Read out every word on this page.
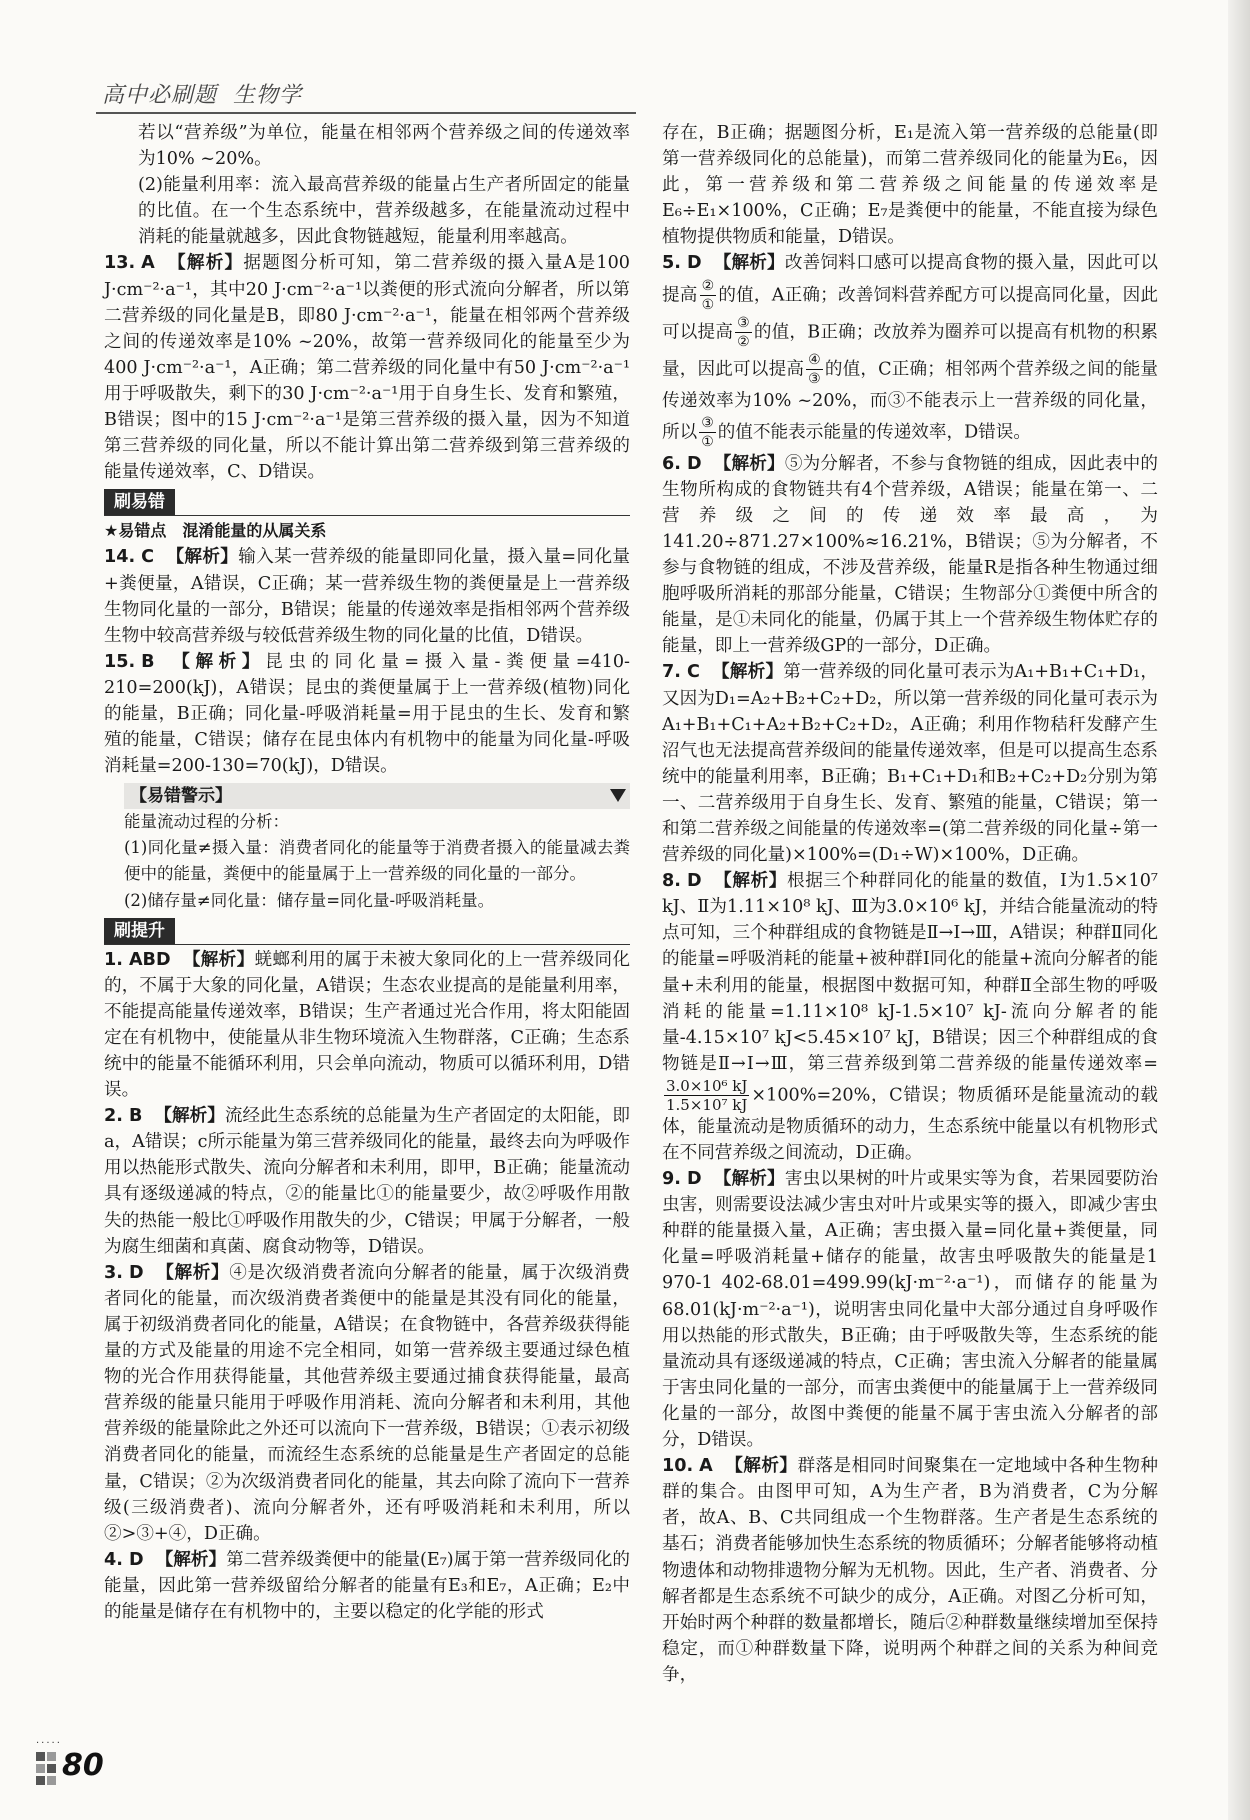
高中必刷题 生物学

若以“营养级”为单位，能量在相邻两个营养级之间的传递效率为10% ~20%。

(2)能量利用率：流入最高营养级的能量占生产者所固定的能量的比值。在一个生态系统中，营养级越多，在能量流动过程中消耗的能量就越多，因此食物链越短，能量利用率越高。

13. A 【解析】据题图分析可知，第二营养级的摄入量A是100 J·cm⁻²·a⁻¹，其中20 J·cm⁻²·a⁻¹以粪便的形式流向分解者，所以第二营养级的同化量是B，即80 J·cm⁻²·a⁻¹，能量在相邻两个营养级之间的传递效率是10% ~20%，故第一营养级同化的能量至少为400 J·cm⁻²·a⁻¹，A正确；第二营养级的同化量中有50 J·cm⁻²·a⁻¹用于呼吸散失，剩下的30 J·cm⁻²·a⁻¹用于自身生长、发育和繁殖，B错误；图中的15 J·cm⁻²·a⁻¹是第三营养级的摄入量，因为不知道第三营养级的同化量，所以不能计算出第二营养级到第三营养级的能量传递效率，C、D错误。

刷易错

★易错点　混淆能量的从属关系

14. C 【解析】输入某一营养级的能量即同化量，摄入量=同化量+粪便量，A错误，C正确；某一营养级生物的粪便量是上一营养级生物同化量的一部分，B错误；能量的传递效率是指相邻两个营养级生物中较高营养级与较低营养级生物的同化量的比值，D错误。

15. B 【解析】昆虫的同化量=摄入量-粪便量=410-210=200(kJ)，A错误；昆虫的粪便量属于上一营养级(植物)同化的能量，B正确；同化量-呼吸消耗量=用于昆虫的生长、发育和繁殖的能量，C错误；储存在昆虫体内有机物中的能量为同化量-呼吸消耗量=200-130=70(kJ)，D错误。

【易错警示】

能量流动过程的分析：

(1)同化量≠摄入量：消费者同化的能量等于消费者摄入的能量减去粪便中的能量，粪便中的能量属于上一营养级的同化量的一部分。

(2)储存量≠同化量：储存量=同化量-呼吸消耗量。

刷提升

1. ABD 【解析】蜣螂利用的属于未被大象同化的上一营养级同化的，不属于大象的同化量，A错误；生态农业提高的是能量利用率，不能提高能量传递效率，B错误；生产者通过光合作用，将太阳能固定在有机物中，使能量从非生物环境流入生物群落，C正确；生态系统中的能量不能循环利用，只会单向流动，物质可以循环利用，D错误。

2. B 【解析】流经此生态系统的总能量为生产者固定的太阳能，即a，A错误；c所示能量为第三营养级同化的能量，最终去向为呼吸作用以热能形式散失、流向分解者和未利用，即甲，B正确；能量流动具有逐级递减的特点，②的能量比①的能量要少，故②呼吸作用散失的热能一般比①呼吸作用散失的少，C错误；甲属于分解者，一般为腐生细菌和真菌、腐食动物等，D错误。

3. D 【解析】④是次级消费者流向分解者的能量，属于次级消费者同化的能量，而次级消费者粪便中的能量是其没有同化的能量，属于初级消费者同化的能量，A错误；在食物链中，各营养级获得能量的方式及能量的用途不完全相同，如第一营养级主要通过绿色植物的光合作用获得能量，其他营养级主要通过捕食获得能量，最高营养级的能量只能用于呼吸作用消耗、流向分解者和未利用，其他营养级的能量除此之外还可以流向下一营养级，B错误；①表示初级消费者同化的能量，而流经生态系统的总能量是生产者固定的总能量，C错误；②为次级消费者同化的能量，其去向除了流向下一营养级(三级消费者)、流向分解者外，还有呼吸消耗和未利用，所以②>③+④，D正确。

4. D 【解析】第二营养级粪便中的能量(E₇)属于第一营养级同化的能量，因此第一营养级留给分解者的能量有E₃和E₇，A正确；E₂中的能量是储存在有机物中的，主要以稳定的化学能的形式

存在，B正确；据题图分析，E₁是流入第一营养级的总能量(即第一营养级同化的总能量)，而第二营养级同化的能量为E₆，因此，第一营养级和第二营养级之间能量的传递效率是E₆÷E₁×100%，C正确；E₇是粪便中的能量，不能直接为绿色植物提供物质和能量，D错误。

5. D 【解析】改善饲料口感可以提高食物的摄入量，因此可以提高 $\frac{\text{②}}{\text{①}}$ 的值，A正确；改善饲料营养配方可以提高同化量，因此可以提高 $\frac{\text{③}}{\text{②}}$ 的值，B正确；改放养为圈养可以提高有机物的积累量，因此可以提高 $\frac{\text{④}}{\text{③}}$ 的值，C正确；相邻两个营养级之间的能量传递效率为10% ~20%，而③不能表示上一营养级的同化量，所以 $\frac{\text{③}}{\text{①}}$ 的值不能表示能量的传递效率，D错误。

6. D 【解析】⑤为分解者，不参与食物链的组成，因此表中的生物所构成的食物链共有4个营养级，A错误；能量在第一、二营养级之间的传递效率最高，为141.20÷871.27×100%≈16.21%，B错误；⑤为分解者，不参与食物链的组成，不涉及营养级，能量R是指各种生物通过细胞呼吸所消耗的那部分能量，C错误；生物部分①粪便中所含的能量，是①未同化的能量，仍属于其上一个营养级生物体贮存的能量，即上一营养级GP的一部分，D正确。

7. C 【解析】第一营养级的同化量可表示为A₁+B₁+C₁+D₁，又因为D₁=A₂+B₂+C₂+D₂，所以第一营养级的同化量可表示为A₁+B₁+C₁+A₂+B₂+C₂+D₂，A正确；利用作物秸秆发酵产生沼气也无法提高营养级间的能量传递效率，但是可以提高生态系统中的能量利用率，B正确；B₁+C₁+D₁和B₂+C₂+D₂分别为第一、二营养级用于自身生长、发育、繁殖的能量，C错误；第一和第二营养级之间能量的传递效率=(第二营养级的同化量÷第一营养级的同化量)×100%=(D₁÷W)×100%，D正确。

8. D 【解析】根据三个种群同化的能量的数值，Ⅰ为1.5×10⁷ kJ、Ⅱ为1.11×10⁸ kJ、Ⅲ为3.0×10⁶ kJ，并结合能量流动的特点可知，三个种群组成的食物链是Ⅱ→Ⅰ→Ⅲ，A错误；种群Ⅱ同化的能量=呼吸消耗的能量+被种群Ⅰ同化的能量+流向分解者的能量+未利用的能量，根据图中数据可知，种群Ⅱ全部生物的呼吸消耗的能量=1.11×10⁸ kJ-1.5×10⁷ kJ-流向分解者的能量-4.15×10⁷ kJ<5.45×10⁷ kJ，B错误；因三个种群组成的食物链是Ⅱ→Ⅰ→Ⅲ，第三营养级到第二营养级的能量传递效率=
$\frac{\text{3.0×10⁶ kJ}}{\text{1.5×10⁷ kJ}} \times 100\%=20\%$，C错误；物质循环是能量流动的载体，能量流动是物质循环的动力，生态系统中能量以有机物形式在不同营养级之间流动，D正确。

9. D 【解析】害虫以果树的叶片或果实等为食，若果园要防治虫害，则需要设法减少害虫对叶片或果实等的摄入，即减少害虫种群的能量摄入量，A正确；害虫摄入量=同化量+粪便量，同化量=呼吸消耗量+储存的能量，故害虫呼吸散失的能量是1 970-1 402-68.01=499.99(kJ·m⁻²·a⁻¹)，而储存的能量为68.01(kJ·m⁻²·a⁻¹)，说明害虫同化量中大部分通过自身呼吸作用以热能的形式散失，B正确；由于呼吸散失等，生态系统的能量流动具有逐级递减的特点，C正确；害虫流入分解者的能量属于害虫同化量的一部分，而害虫粪便中的能量属于上一营养级同化量的一部分，故图中粪便的能量不属于害虫流入分解者的部分，D错误。

10. A 【解析】群落是相同时间聚集在一定地域中各种生物种群的集合。由图甲可知，A为生产者，B为消费者，C为分解者，故A、B、C共同组成一个生物群落。生产者是生态系统的基石；消费者能够加快生态系统的物质循环；分解者能够将动植物遗体和动物排遗物分解为无机物。因此，生产者、消费者、分解者都是生态系统不可缺少的成分，A正确。对图乙分析可知，开始时两个种群的数量都增长，随后②种群数量继续增加至保持稳定，而①种群数量下降，说明两个种群之间的关系为种间竞争，

·····
80
